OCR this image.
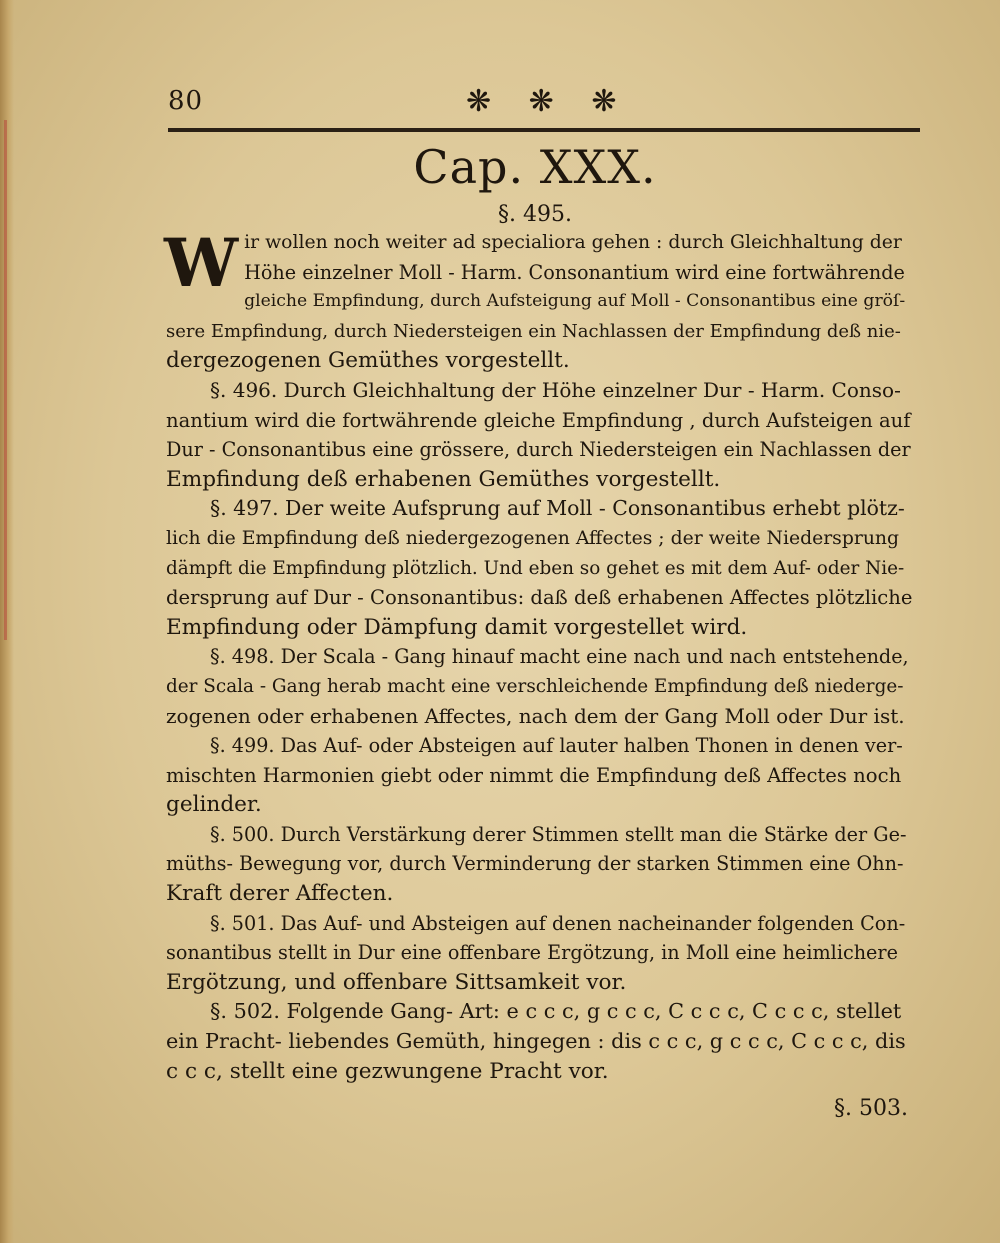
80	❋ ❋ ❋
Cap. XXX.
§. 495.
W ir wollen noch weiter ad specialiora gehen : durch Gleichhaltung der
Höhe einzelner Moll - Harm. Consonantium wird eine fortwährende
gleiche Empfindung, durch Aufsteigung auf Moll - Consonantibus eine gröſ-
sere Empfindung, durch Niedersteigen ein Nachlassen der Empfindung deß nie-
dergezogenen Gemüthes vorgestellt.
§. 496. Durch Gleichhaltung der Höhe einzelner Dur - Harm. Conso-
nantium wird die fortwährende gleiche Empfindung , durch Aufsteigen auf
Dur - Consonantibus eine grössere, durch Niedersteigen ein Nachlassen der
Empfindung deß erhabenen Gemüthes vorgestellt.
§. 497. Der weite Aufsprung auf Moll - Consonantibus erhebt plötz-
lich die Empfindung deß niedergezogenen Affectes ; der weite Niedersprung
dämpft die Empfindung plötzlich. Und eben so gehet es mit dem Auf- oder Nie-
dersprung auf Dur - Consonantibus: daß deß erhabenen Affectes plötzliche
Empfindung oder Dämpfung damit vorgestellet wird.
§. 498. Der Scala - Gang hinauf macht eine nach und nach entstehende,
der Scala - Gang herab macht eine verschleichende Empfindung deß niederge-
zogenen oder erhabenen Affectes, nach dem der Gang Moll oder Dur ist.
§. 499. Das Auf- oder Absteigen auf lauter halben Thonen in denen ver-
mischten Harmonien giebt oder nimmt die Empfindung deß Affectes noch
gelinder.
§. 500. Durch Verstärkung derer Stimmen stellt man die Stärke der Ge-
müths- Bewegung vor, durch Verminderung der starken Stimmen eine Ohn-
Kraft derer Affecten.
§. 501. Das Auf- und Absteigen auf denen nacheinander folgenden Con-
sonantibus stellt in Dur eine offenbare Ergötzung, in Moll eine heimlichere
Ergötzung, und offenbare Sittsamkeit vor.
§. 502. Folgende Gang- Art: e c c c, g c c c, C c c c, C c c c, stellet
ein Pracht- liebendes Gemüth, hingegen : dis c c c, g c c c, C c c c, dis
c c c, stellt eine gezwungene Pracht vor.
§. 503.
